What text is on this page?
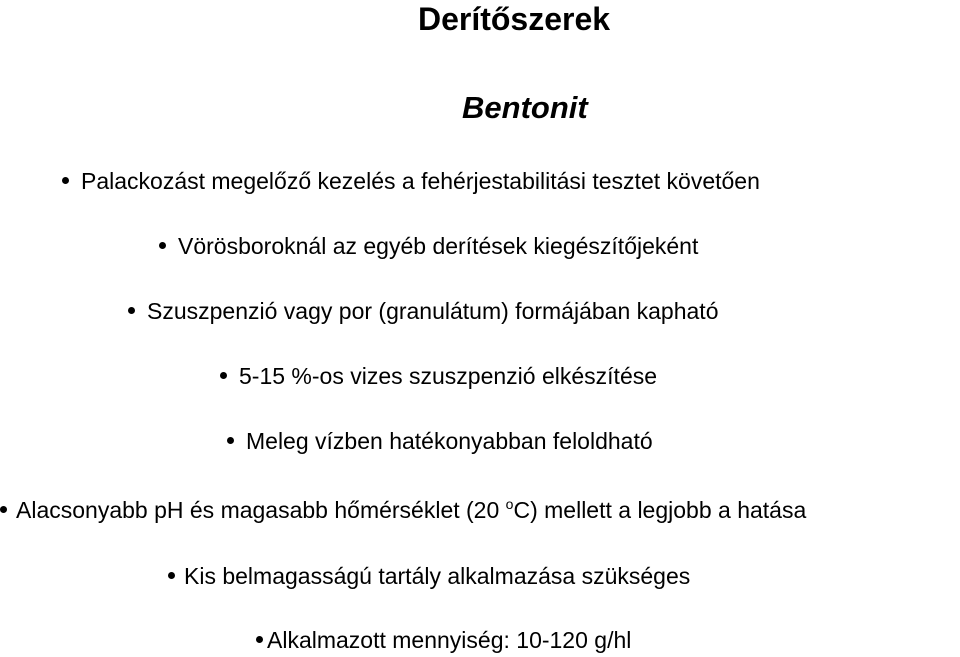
Derítőszerek
Bentonit
Palackozást megelőző kezelés a fehérjestabilitási tesztet követően
Vörösboroknál az egyéb derítések kiegészítőjeként
Szuszpenzió vagy por (granulátum) formájában kapható
5-15 %-os vizes szuszpenzió elkészítése
Meleg vízben hatékonyabban feloldható
Alacsonyabb pH és magasabb hőmérséklet (20 $^o$C) mellett a legjobb a hatása
Kis belmagasságú tartály alkalmazása szükséges
Alkalmazott mennyiség: 10-120 g/hl
